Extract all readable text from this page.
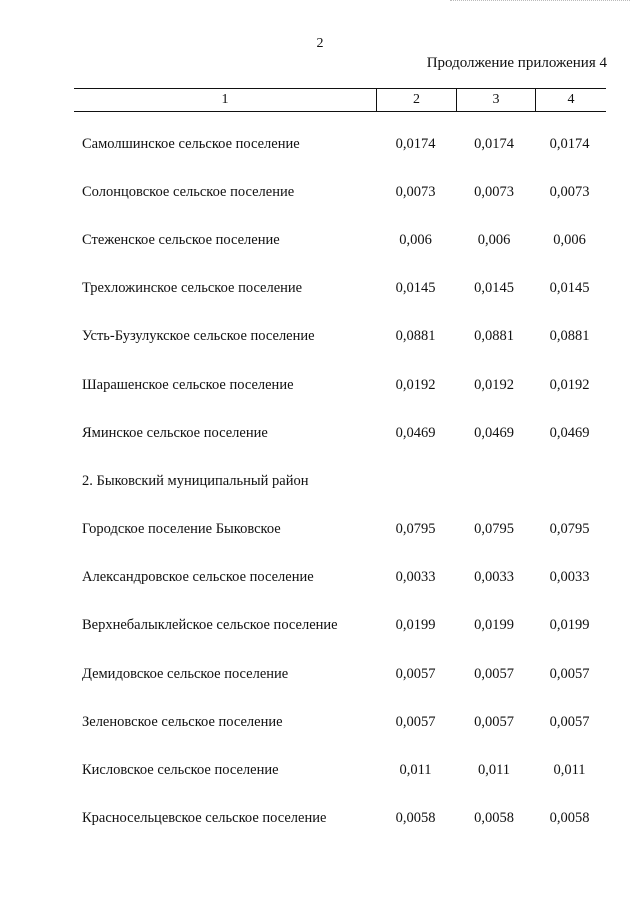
2
Продолжение приложения 4
1	2	3	4
Самолшинское сельское поселение	0,0174	0,0174	0,0174
Солонцовское сельское поселение	0,0073	0,0073	0,0073
Стеженское сельское поселение	0,006	0,006	0,006
Трехложинское сельское поселение	0,0145	0,0145	0,0145
Усть-Бузулукское сельское поселение	0,0881	0,0881	0,0881
Шарашенское сельское поселение	0,0192	0,0192	0,0192
Яминское сельское поселение	0,0469	0,0469	0,0469
2. Быковский муниципальный район
Городское поселение Быковское	0,0795	0,0795	0,0795
Александровское сельское поселение	0,0033	0,0033	0,0033
Верхнебалыклейское сельское поселение	0,0199	0,0199	0,0199
Демидовское сельское поселение	0,0057	0,0057	0,0057
Зеленовское сельское поселение	0,0057	0,0057	0,0057
Кисловское сельское поселение	0,011	0,011	0,011
Красносельцевское сельское поселение	0,0058	0,0058	0,0058
